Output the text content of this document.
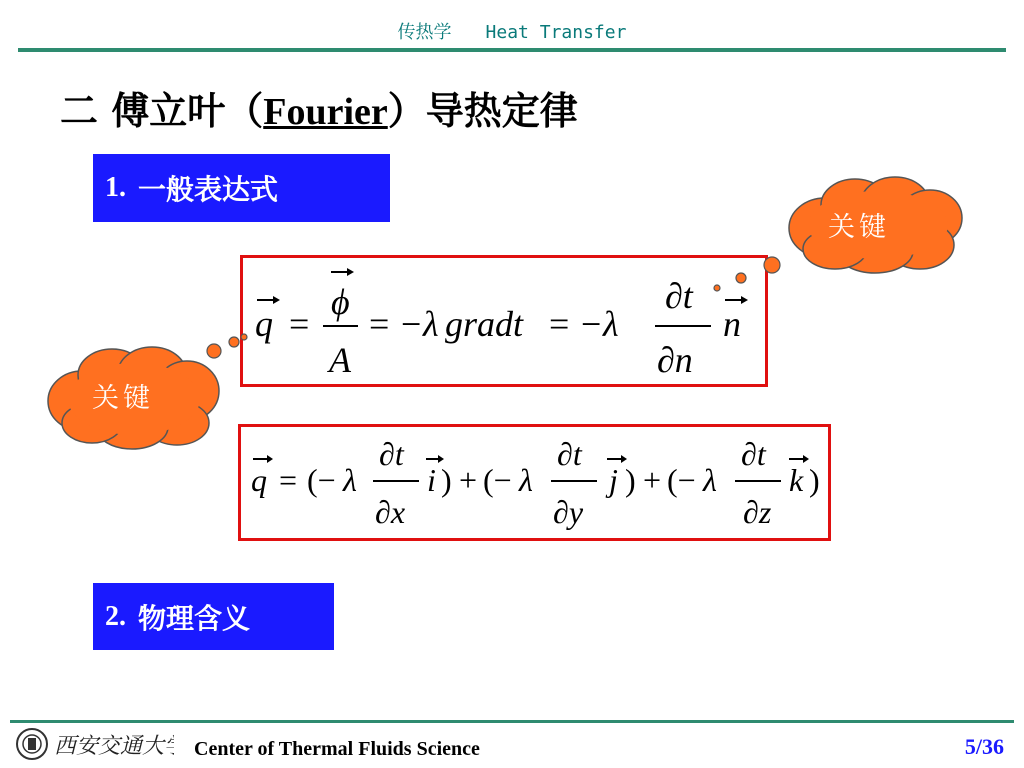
传热学 Heat Transfer
二 傅立叶（Fourier）导热定律
1. 一般表达式
q =
ϕ
A
= − λ gradt = − λ
∂t
∂n
n
q = (− λ
∂t
∂x
i ) + (− λ
∂t
∂y
j ) + (− λ
∂t
∂z
k )
关键
关键
2. 物理含义
西安交通大学 Center of Thermal Fluids Science	5/36
